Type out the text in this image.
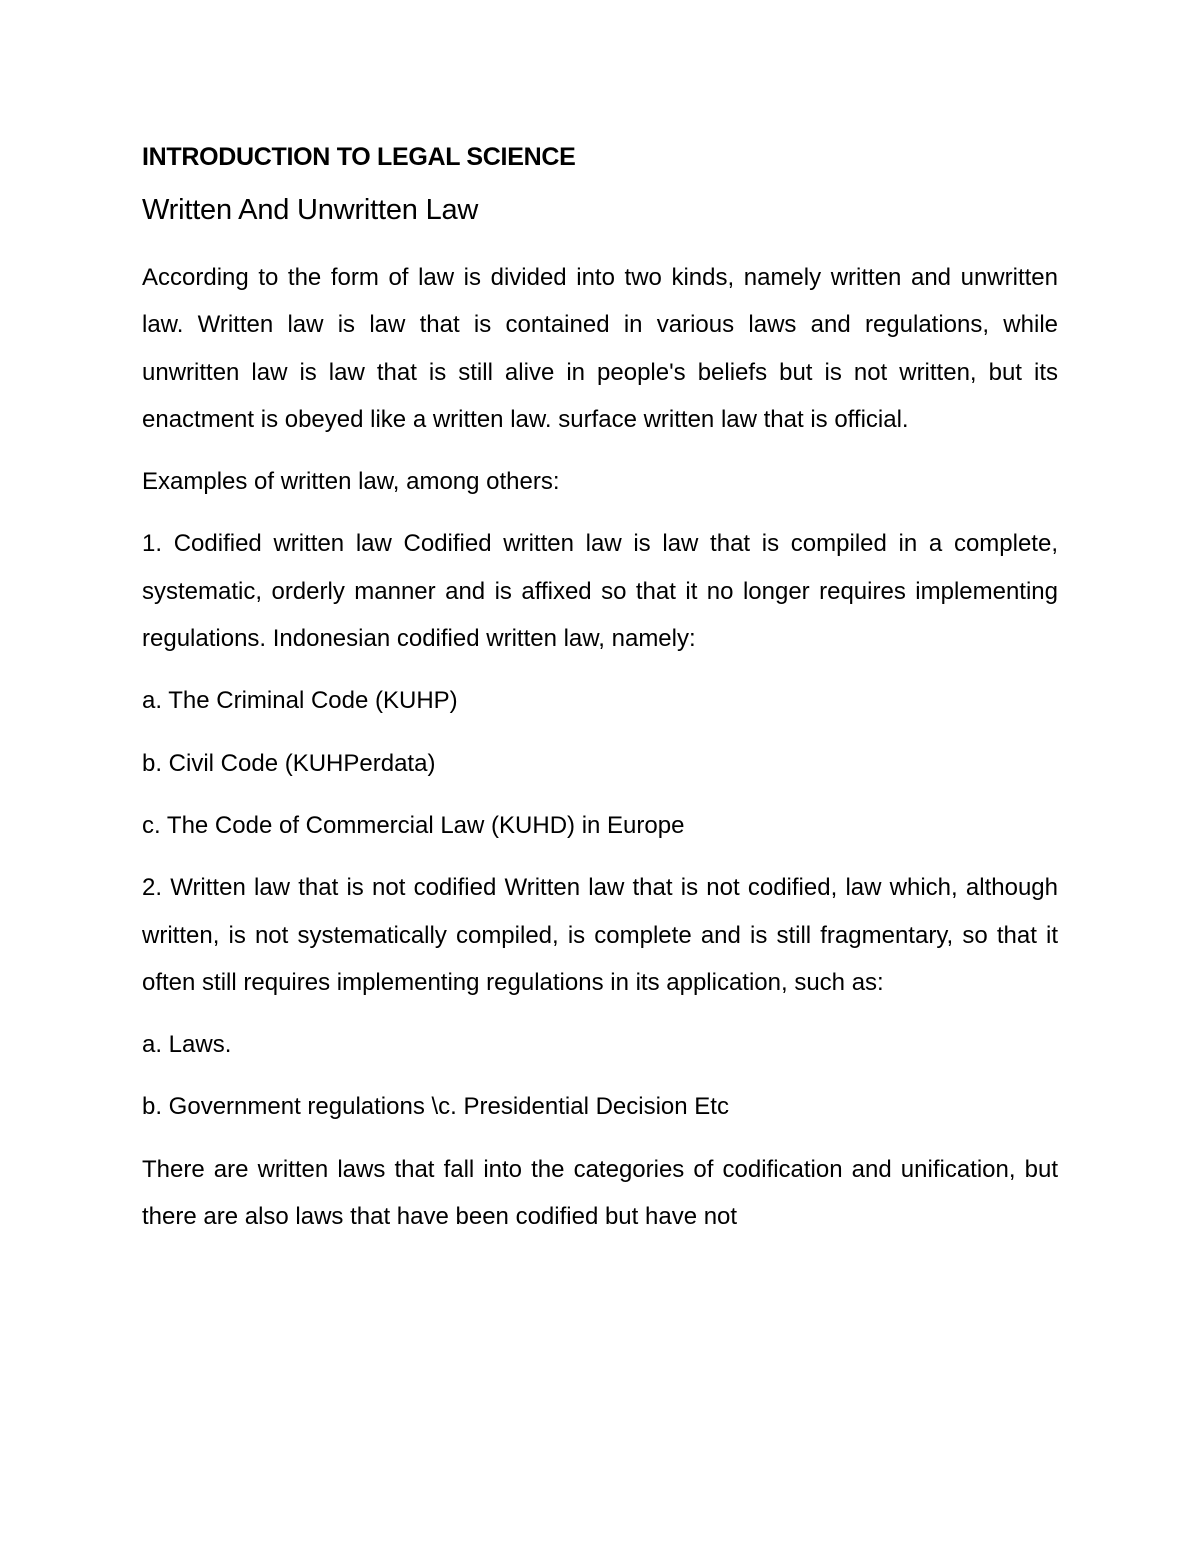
INTRODUCTION TO LEGAL SCIENCE
Written And Unwritten Law

According to the form of law is divided into two kinds, namely written and unwritten law. Written law is law that is contained in various laws and regulations, while unwritten law is law that is still alive in people's beliefs but is not written, but its enactment is obeyed like a written law. surface written law that is official.

Examples of written law, among others:

1. Codified written law Codified written law is law that is compiled in a complete, systematic, orderly manner and is affixed so that it no longer requires implementing regulations. Indonesian codified written law, namely:

a. The Criminal Code (KUHP)

b. Civil Code (KUHPerdata)

c. The Code of Commercial Law (KUHD) in Europe

2. Written law that is not codified Written law that is not codified, law which, although written, is not systematically compiled, is complete and is still fragmentary, so that it often still requires implementing regulations in its application, such as:

a. Laws.

b. Government regulations \c. Presidential Decision Etc

There are written laws that fall into the categories of codification and unification, but there are also laws that have been codified but have not
